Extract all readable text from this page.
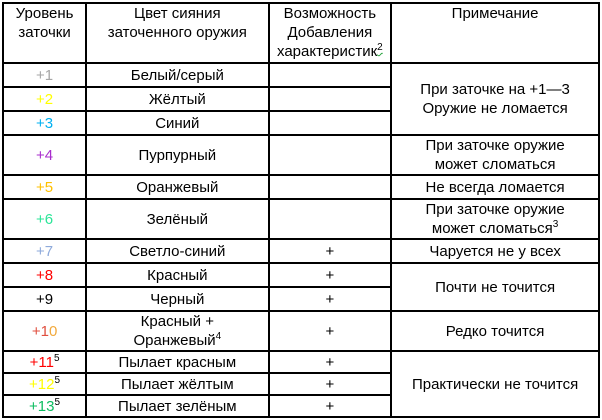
Уровень
заточки	Цвет сияния
заточенного оружия	Возможность
Добавления
характеристик$^2$	Примечание

+1	Белый/серый		При заточке на +1—3
Оружие не ломается

+2	Жёлтый		
+3	Синий		
+4	Пурпурный		При заточке оружие
может сломаться

+5	Оранжевый		Не всегда ломается
+6	Зелёный		При заточке оружие
может сломаться$^3$

+7	Светло-синий	+	Чаруется не у всех
+8	Красный	+	Почти не точится
+9	Черный	+	
+10	Красный +
Оранжевый$^4$	+	Редко точится
$+11^5$	Пылает красным	+	Практически не точится
$+12^5$	Пылает жёлтым	+	
$+13^5$	Пылает зелёным	+	
